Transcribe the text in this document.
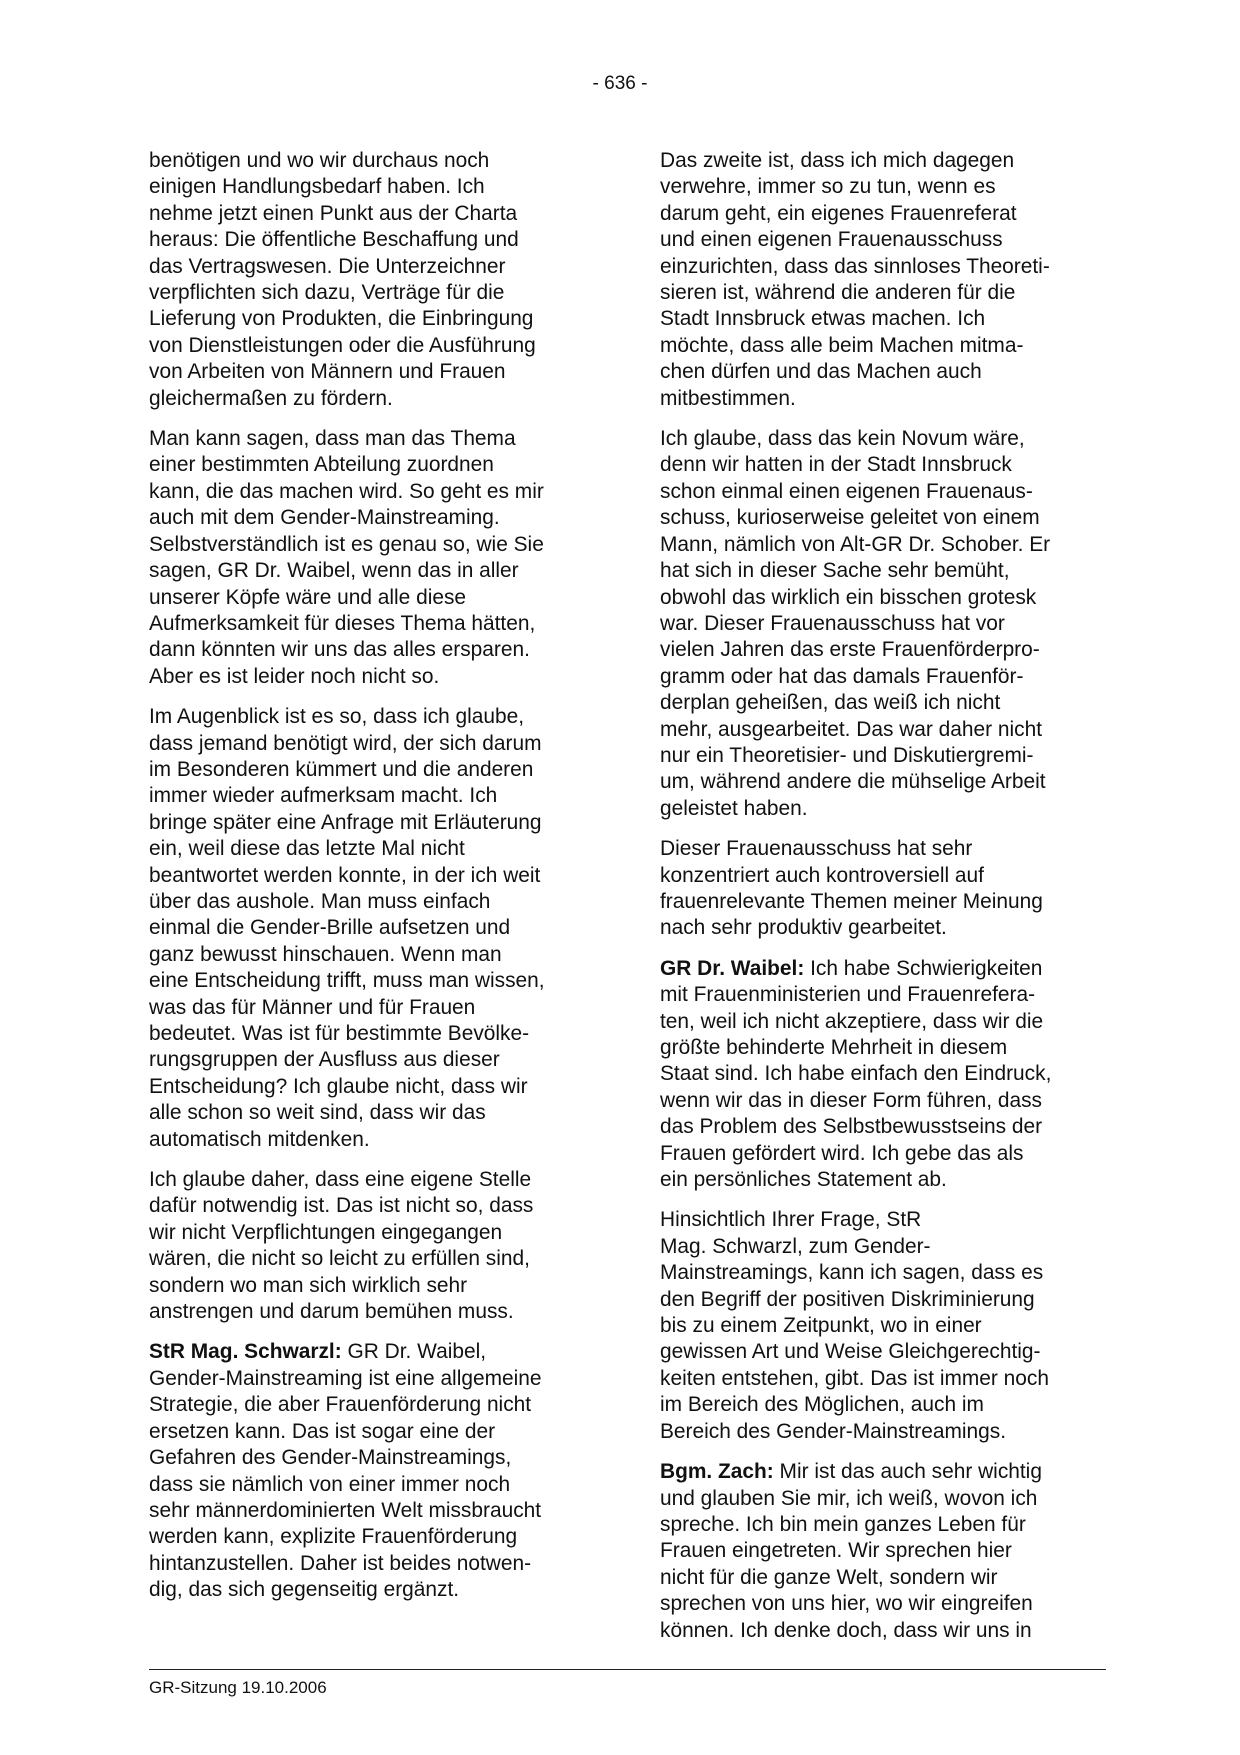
- 636 -

benötigen und wo wir durchaus noch
einigen Handlungsbedarf haben. Ich
nehme jetzt einen Punkt aus der Charta
heraus: Die öffentliche Beschaffung und
das Vertragswesen. Die Unterzeichner
verpflichten sich dazu, Verträge für die
Lieferung von Produkten, die Einbringung
von Dienstleistungen oder die Ausführung
von Arbeiten von Männern und Frauen
gleichermaßen zu fördern.

Man kann sagen, dass man das Thema
einer bestimmten Abteilung zuordnen
kann, die das machen wird. So geht es mir
auch mit dem Gender-Mainstreaming.
Selbstverständlich ist es genau so, wie Sie
sagen, GR Dr. Waibel, wenn das in aller
unserer Köpfe wäre und alle diese
Aufmerksamkeit für dieses Thema hätten,
dann könnten wir uns das alles ersparen.
Aber es ist leider noch nicht so.

Im Augenblick ist es so, dass ich glaube,
dass jemand benötigt wird, der sich darum
im Besonderen kümmert und die anderen
immer wieder aufmerksam macht. Ich
bringe später eine Anfrage mit Erläuterung
ein, weil diese das letzte Mal nicht
beantwortet werden konnte, in der ich weit
über das aushole. Man muss einfach
einmal die Gender-Brille aufsetzen und
ganz bewusst hinschauen. Wenn man
eine Entscheidung trifft, muss man wissen,
was das für Männer und für Frauen
bedeutet. Was ist für bestimmte Bevölke-
rungsgruppen der Ausfluss aus dieser
Entscheidung? Ich glaube nicht, dass wir
alle schon so weit sind, dass wir das
automatisch mitdenken.

Ich glaube daher, dass eine eigene Stelle
dafür notwendig ist. Das ist nicht so, dass
wir nicht Verpflichtungen eingegangen
wären, die nicht so leicht zu erfüllen sind,
sondern wo man sich wirklich sehr
anstrengen und darum bemühen muss.

StR Mag. Schwarzl: GR Dr. Waibel,
Gender-Mainstreaming ist eine allgemeine
Strategie, die aber Frauenförderung nicht
ersetzen kann. Das ist sogar eine der
Gefahren des Gender-Mainstreamings,
dass sie nämlich von einer immer noch
sehr männerdominierten Welt missbraucht
werden kann, explizite Frauenförderung
hintanzustellen. Daher ist beides notwen-
dig, das sich gegenseitig ergänzt.

Das zweite ist, dass ich mich dagegen
verwehre, immer so zu tun, wenn es
darum geht, ein eigenes Frauenreferat
und einen eigenen Frauenausschuss
einzurichten, dass das sinnloses Theoreti-
sieren ist, während die anderen für die
Stadt Innsbruck etwas machen. Ich
möchte, dass alle beim Machen mitma-
chen dürfen und das Machen auch
mitbestimmen.

Ich glaube, dass das kein Novum wäre,
denn wir hatten in der Stadt Innsbruck
schon einmal einen eigenen Frauenaus-
schuss, kurioserweise geleitet von einem
Mann, nämlich von Alt-GR Dr. Schober. Er
hat sich in dieser Sache sehr bemüht,
obwohl das wirklich ein bisschen grotesk
war. Dieser Frauenausschuss hat vor
vielen Jahren das erste Frauenförderpro-
gramm oder hat das damals Frauenför-
derplan geheißen, das weiß ich nicht
mehr, ausgearbeitet. Das war daher nicht
nur ein Theoretisier- und Diskutiergremi-
um, während andere die mühselige Arbeit
geleistet haben.

Dieser Frauenausschuss hat sehr
konzentriert auch kontroversiell auf
frauenrelevante Themen meiner Meinung
nach sehr produktiv gearbeitet.

GR Dr. Waibel: Ich habe Schwierigkeiten
mit Frauenministerien und Frauenrefera-
ten, weil ich nicht akzeptiere, dass wir die
größte behinderte Mehrheit in diesem
Staat sind. Ich habe einfach den Eindruck,
wenn wir das in dieser Form führen, dass
das Problem des Selbstbewusstseins der
Frauen gefördert wird. Ich gebe das als
ein persönliches Statement ab.

Hinsichtlich Ihrer Frage, StR
Mag. Schwarzl, zum Gender-
Mainstreamings, kann ich sagen, dass es
den Begriff der positiven Diskriminierung
bis zu einem Zeitpunkt, wo in einer
gewissen Art und Weise Gleichgerechtig-
keiten entstehen, gibt. Das ist immer noch
im Bereich des Möglichen, auch im
Bereich des Gender-Mainstreamings.

Bgm. Zach: Mir ist das auch sehr wichtig
und glauben Sie mir, ich weiß, wovon ich
spreche. Ich bin mein ganzes Leben für
Frauen eingetreten. Wir sprechen hier
nicht für die ganze Welt, sondern wir
sprechen von uns hier, wo wir eingreifen
können. Ich denke doch, dass wir uns in

GR-Sitzung 19.10.2006
